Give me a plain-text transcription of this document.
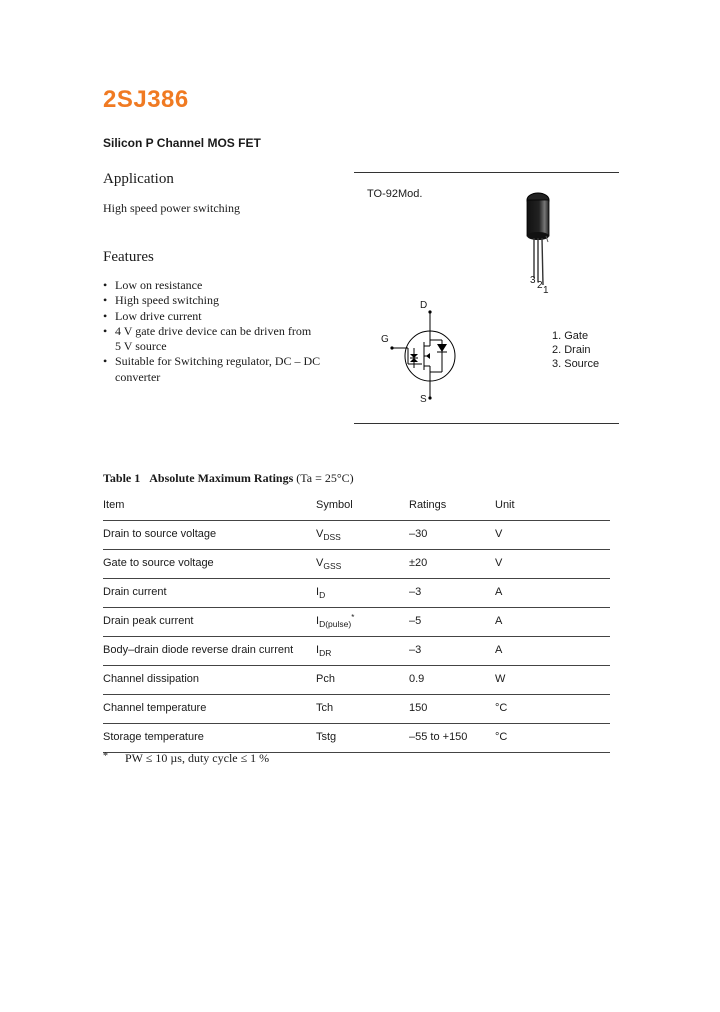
2SJ386
Silicon P Channel MOS FET
Application
High speed power switching
Features
• Low on resistance
• High speed switching
• Low drive current
• 4 V gate drive device can be driven from 5 V source
• Suitable for Switching regulator, DC – DC converter
TO-92Mod.
3 2 1
D
G
S
1. Gate
2. Drain
3. Source
Table 1 Absolute Maximum Ratings (Ta = 25°C)
Item	Symbol	Ratings	Unit
Drain to source voltage	$V_{DSS}$	–30	V
Gate to source voltage	$V_{GSS}$	±20	V
Drain current	$I_D$	–3	A
Drain peak current	$I_{D(pulse)}^*$	–5	A
Body–drain diode reverse drain current $I_{DR}$	–3	A
Channel dissipation	Pch	0.9	W
Channel temperature	Tch	150	°C
Storage temperature	Tstg	–55 to +150	°C
* PW ≤ 10 µs, duty cycle ≤ 1 %
